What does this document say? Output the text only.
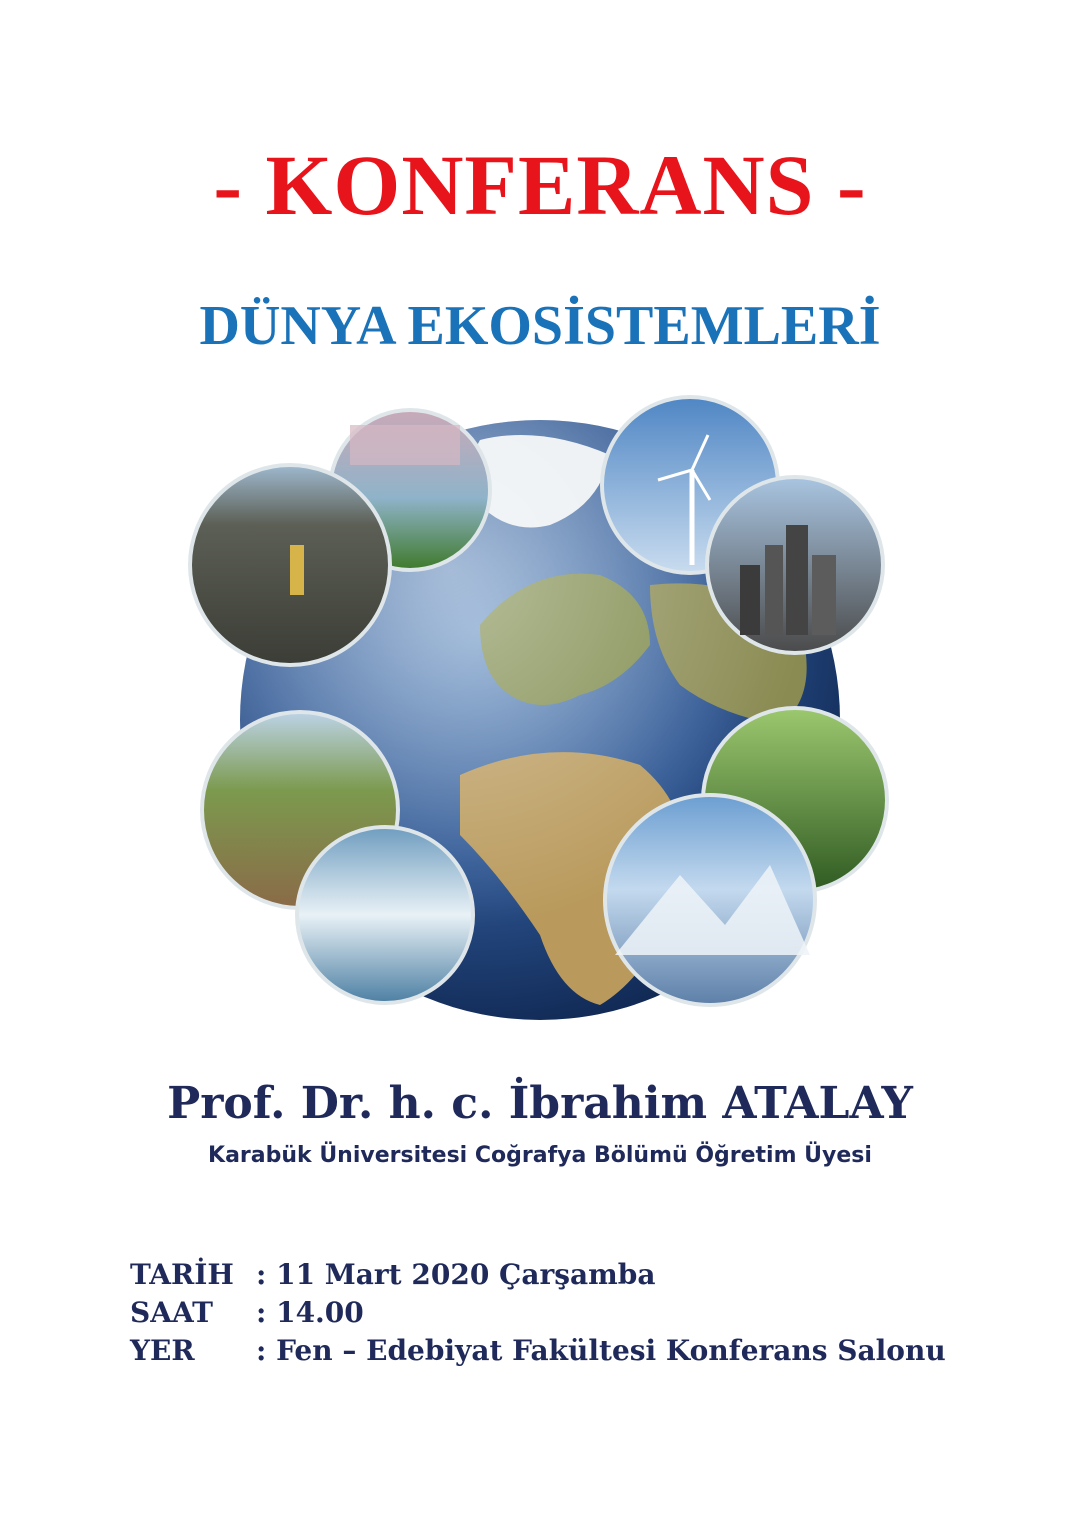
- KONFERANS -
DÜNYA EKOSİSTEMLERİ
Prof. Dr. h. c. İbrahim ATALAY
Karabük Üniversitesi Coğrafya Bölümü Öğretim Üyesi
TARİH : 11 Mart 2020 Çarşamba
SAAT	: 14.00
YER	: Fen – Edebiyat Fakültesi Konferans Salonu
